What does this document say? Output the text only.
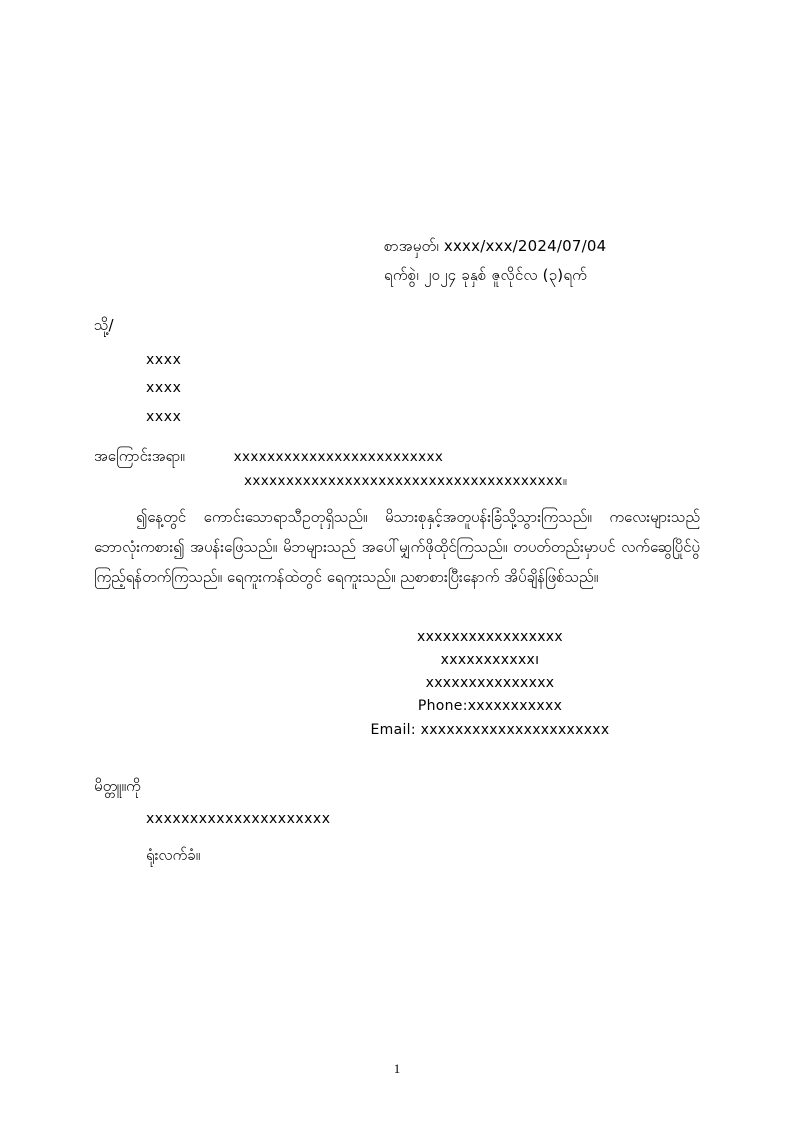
စာအမှတ်၊ xxxx/xxx/2024/07/04
ရက်စွဲ၊ ၂၀၂၄ ခုနှစ် ဇူလိုင်လ (၃)ရက်
သို့/
xxxx
xxxx
xxxx
အကြောင်းအရာ။	xxxxxxxxxxxxxxxxxxxxxxxxx
xxxxxxxxxxxxxxxxxxxxxxxxxxxxxxxxxxxxxx။
၍နေ့တွင် ကောင်းသောရာသီဥတုရှိသည်။ မိသားစုနှင့်အတူပန်းခြံသို့သွားကြသည်။ ကလေးများသည် ဘောလုံးကစား၍ အပန်းဖြေသည်။ မိဘများသည် အပေါ်မျှက်ဖိုထိုင်ကြသည်။ တပတ်တည်းမှာပင် လက်ဆွေပြိုင်ပွဲကြည့်ရန်တက်ကြသည်။ ရေကူးကန်ထဲတွင် ရေကူးသည်။ ညစာစားပြီးနောက် အိပ်ချိန်ဖြစ်သည်။
xxxxxxxxxxxxxxxxx
xxxxxxxxxxxı
xxxxxxxxxxxxxxx
Phone:xxxxxxxxxxx
Email: xxxxxxxxxxxxxxxxxxxxxx
မိတ္တူ။ကို
xxxxxxxxxxxxxxxxxxxxx
ရုံးလက်ခံ။
1
